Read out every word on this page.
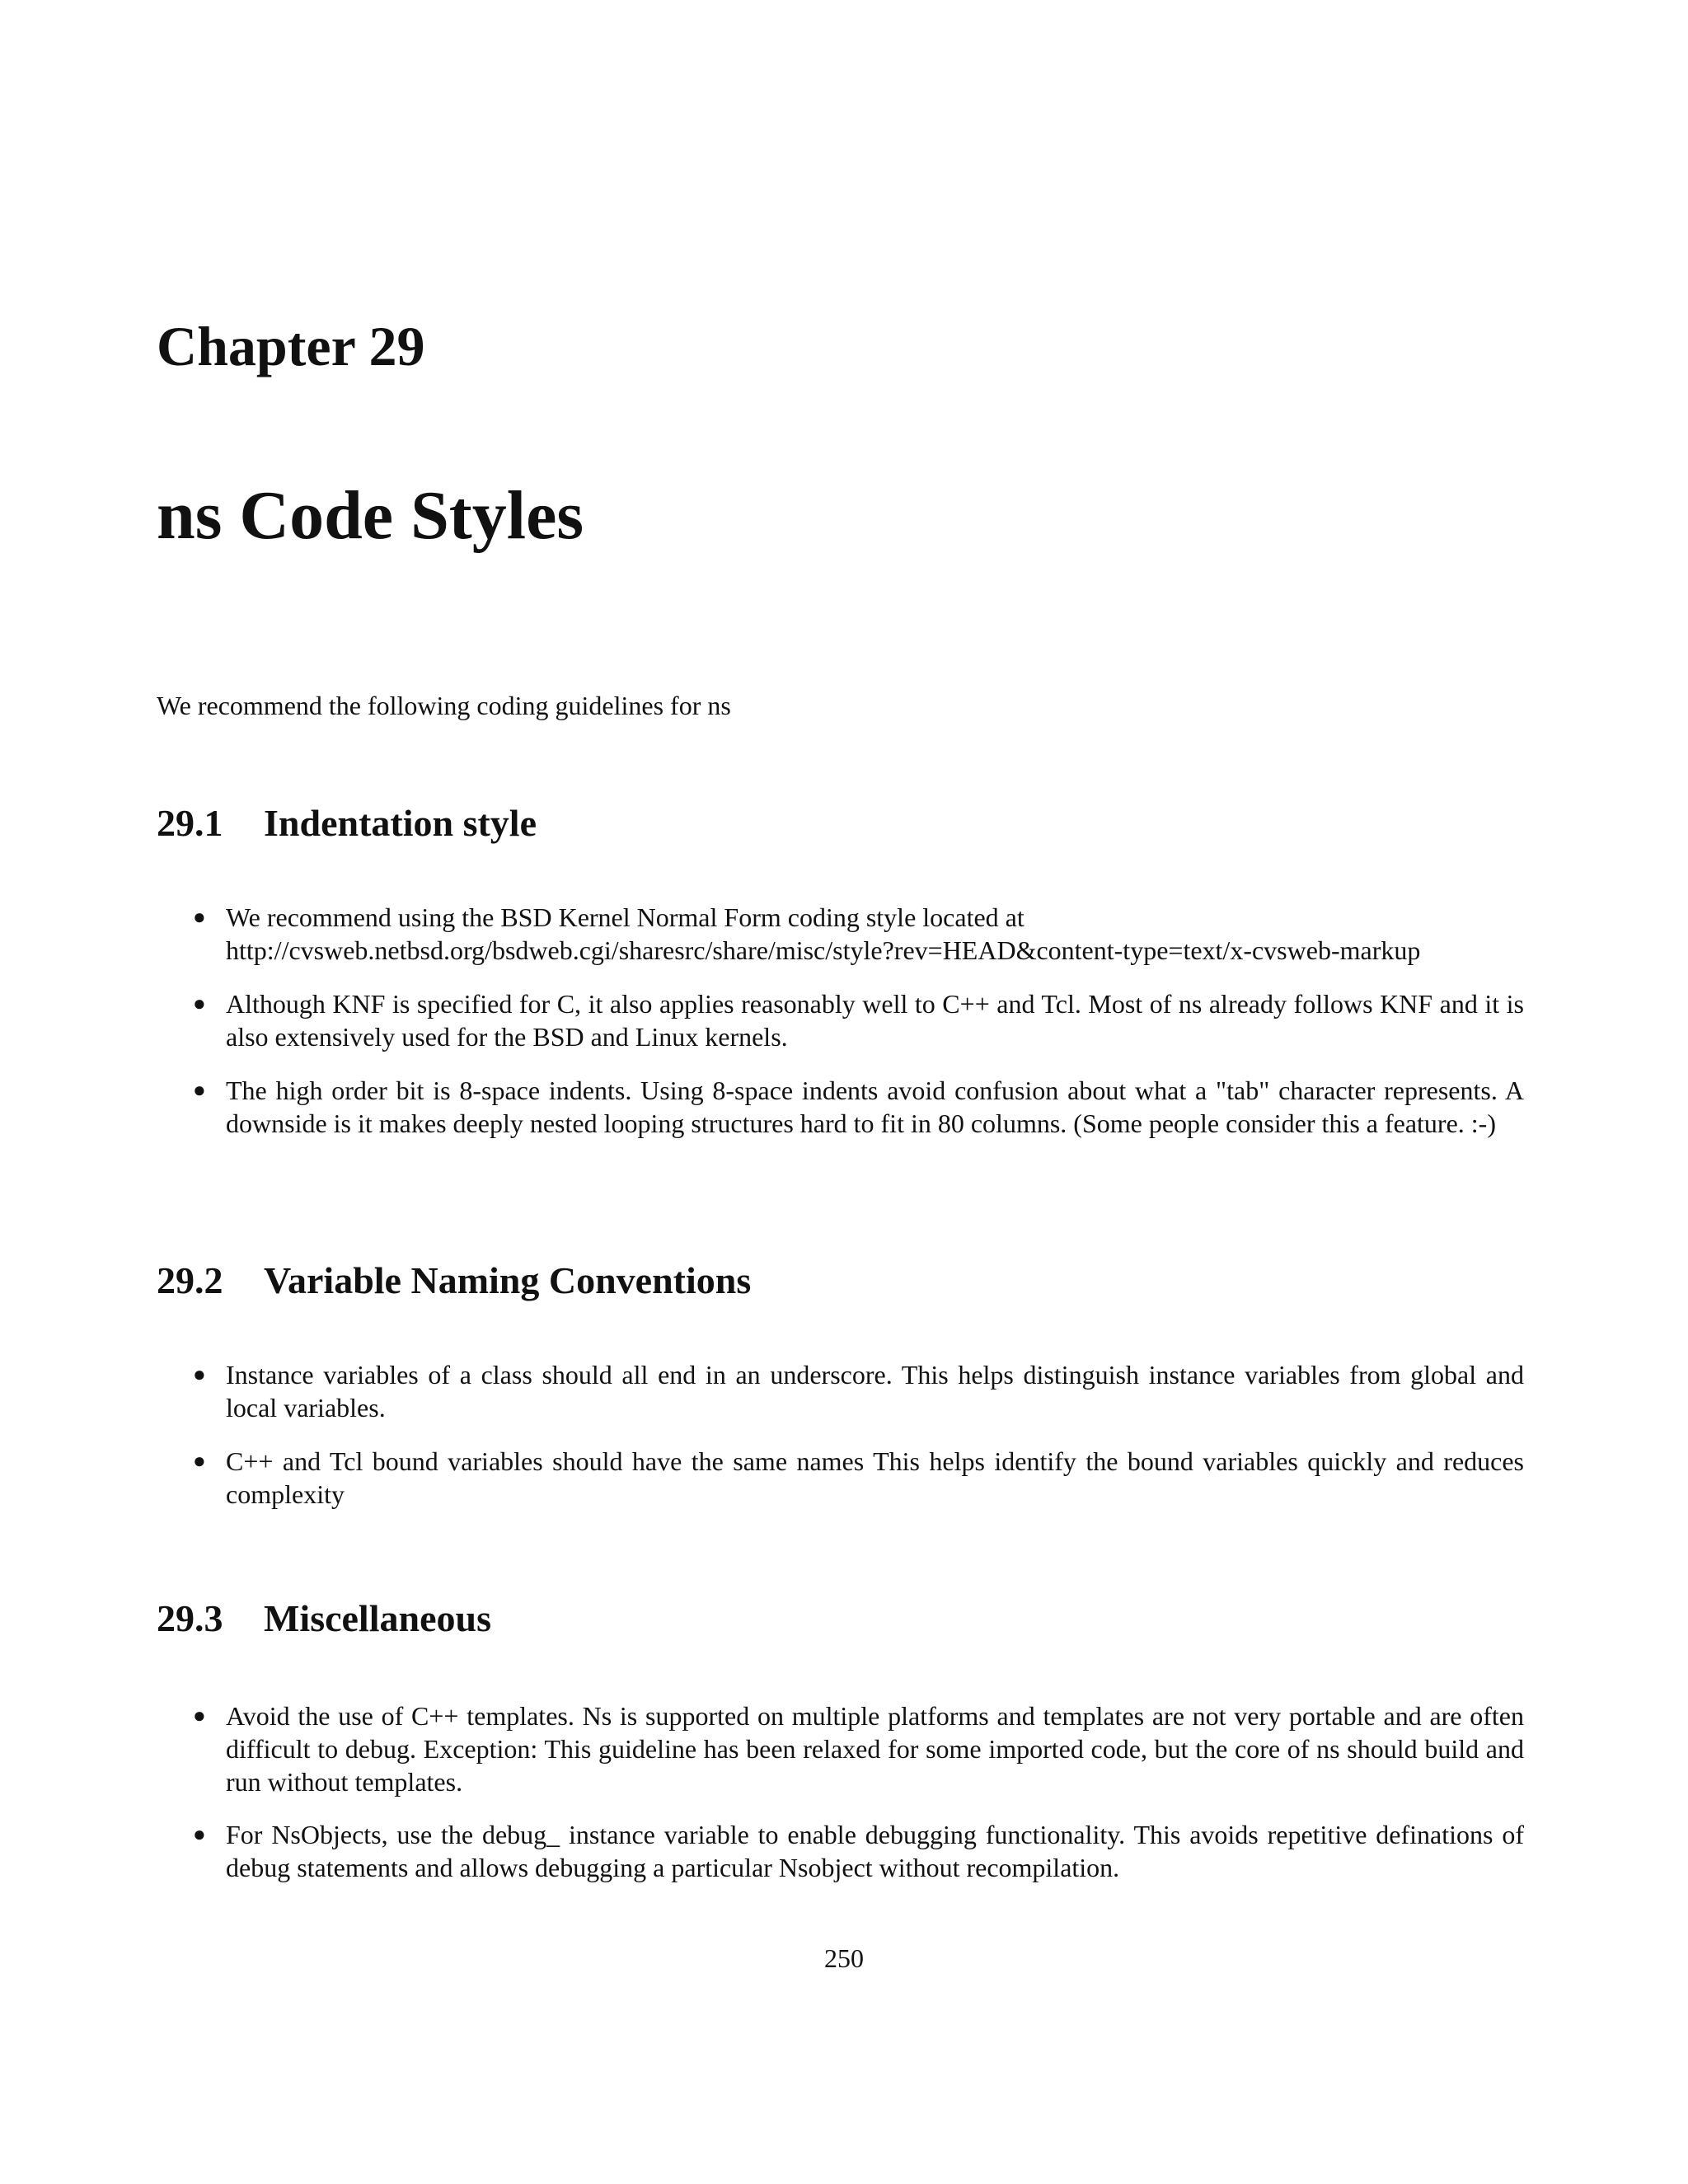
Chapter 29
ns Code Styles

We recommend the following coding guidelines for ns

29.1 Indentation style
● We recommend using the BSD Kernel Normal Form coding style located at
http://cvsweb.netbsd.org/bsdweb.cgi/sharesrc/share/misc/style?rev=HEAD&content-type=text/x-cvsweb-markup
● Although KNF is specified for C, it also applies reasonably well to C++ and Tcl. Most of ns already follows KNF and it is also extensively used for the BSD and Linux kernels.
● The high order bit is 8-space indents. Using 8-space indents avoid confusion about what a "tab" character represents. A downside is it makes deeply nested looping structures hard to fit in 80 columns. (Some people consider this a feature. :-)
29.2 Variable Naming Conventions
● Instance variables of a class should all end in an underscore. This helps distinguish instance variables from global and local variables.
● C++ and Tcl bound variables should have the same names This helps identify the bound variables quickly and reduces complexity
29.3 Miscellaneous
● Avoid the use of C++ templates. Ns is supported on multiple platforms and templates are not very portable and are often difficult to debug. Exception: This guideline has been relaxed for some imported code, but the core of ns should build and run without templates.
● For NsObjects, use the debug_ instance variable to enable debugging functionality. This avoids repetitive definations of debug statements and allows debugging a particular Nsobject without recompilation.

250
